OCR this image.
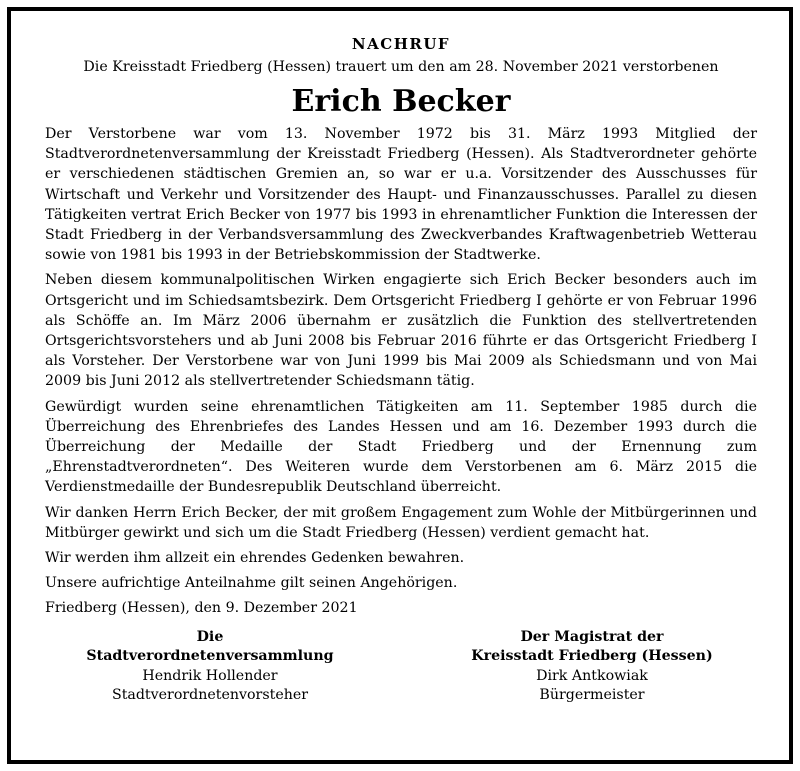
NACHRUF

Die Kreisstadt Friedberg (Hessen) trauert um den am 28. November 2021 verstorbenen

Erich Becker

Der Verstorbene war vom 13. November 1972 bis 31. März 1993 Mitglied der Stadtverordnetenversammlung der Kreisstadt Friedberg (Hessen). Als Stadtverordneter gehörte er verschiedenen städtischen Gremien an, so war er u.a. Vorsitzender des Ausschusses für Wirtschaft und Verkehr und Vorsitzender des Haupt- und Finanzausschusses. Parallel zu diesen Tätigkeiten vertrat Erich Becker von 1977 bis 1993 in ehrenamtlicher Funktion die Interessen der Stadt Friedberg in der Verbandsversammlung des Zweckverbandes Kraftwagenbetrieb Wetterau sowie von 1981 bis 1993 in der Betriebskommission der Stadtwerke.

Neben diesem kommunalpolitischen Wirken engagierte sich Erich Becker besonders auch im Ortsgericht und im Schiedsamtsbezirk. Dem Ortsgericht Friedberg I gehörte er von Februar 1996 als Schöffe an. Im März 2006 übernahm er zusätzlich die Funktion des stellvertretenden Ortsgerichtsvorstehers und ab Juni 2008 bis Februar 2016 führte er das Ortsgericht Friedberg I als Vorsteher. Der Verstorbene war von Juni 1999 bis Mai 2009 als Schiedsmann und von Mai 2009 bis Juni 2012 als stellvertretender Schiedsmann tätig.

Gewürdigt wurden seine ehrenamtlichen Tätigkeiten am 11. September 1985 durch die Überreichung des Ehrenbriefes des Landes Hessen und am 16. Dezember 1993 durch die Überreichung der Medaille der Stadt Friedberg und der Ernennung zum „Ehrenstadtverordneten“. Des Weiteren wurde dem Verstorbenen am 6. März 2015 die Verdienstmedaille der Bundesrepublik Deutschland überreicht.

Wir danken Herrn Erich Becker, der mit großem Engagement zum Wohle der Mitbürgerinnen und Mitbürger gewirkt und sich um die Stadt Friedberg (Hessen) verdient gemacht hat.

Wir werden ihm allzeit ein ehrendes Gedenken bewahren.

Unsere aufrichtige Anteilnahme gilt seinen Angehörigen.

Friedberg (Hessen), den 9. Dezember 2021

Die
Stadtverordnetenversammlung
Hendrik Hollender
Stadtverordnetenvorsteher
Der Magistrat der
Kreisstadt Friedberg (Hessen)
Dirk Antkowiak
Bürgermeister
